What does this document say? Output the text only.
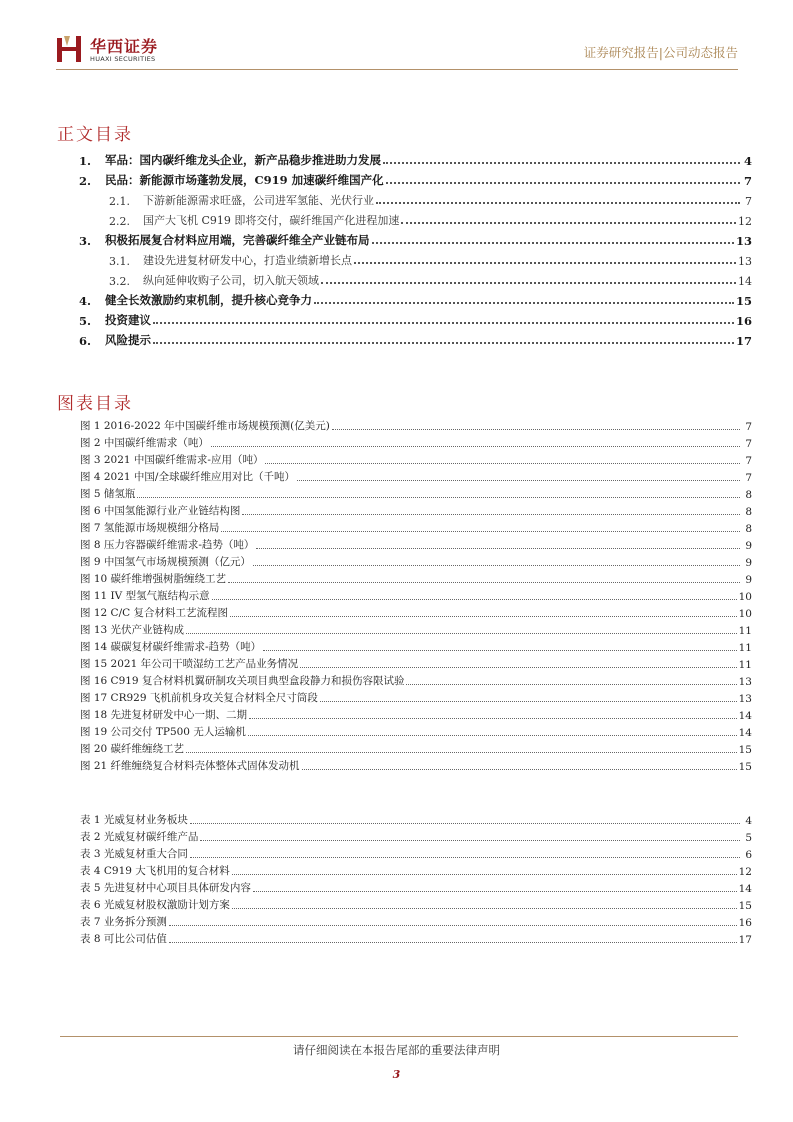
华西证券
HUAXI SECURITIES	证券研究报告|公司动态报告
正文目录
1.	军品：国内碳纤维龙头企业，新产品稳步推进助力发展	4
2.	民品：新能源市场蓬勃发展，C919 加速碳纤维国产化	7
2.1.	下游新能源需求旺盛，公司进军氢能、光伏行业	7
2.2.	国产大飞机 C919 即将交付，碳纤维国产化进程加速	12
3.	积极拓展复合材料应用端，完善碳纤维全产业链布局	13
3.1.	建设先进复材研发中心，打造业绩新增长点	13
3.2.	纵向延伸收购子公司，切入航天领域	14
4.	健全长效激励约束机制，提升核心竞争力	15
5.	投资建议	16
6.	风险提示	17
图表目录
图 1 2016-2022 年中国碳纤维市场规模预测(亿美元)	7
图 2 中国碳纤维需求（吨）	7
图 3 2021 中国碳纤维需求-应用（吨）	7
图 4 2021 中国/全球碳纤维应用对比（千吨）	7
图 5 储氢瓶	8
图 6 中国氢能源行业产业链结构图	8
图 7 氢能源市场规模细分格局	8
图 8 压力容器碳纤维需求-趋势（吨）	9
图 9 中国氢气市场规模预测（亿元）	9
图 10 碳纤维增强树脂缠绕工艺	9
图 11 IV 型氢气瓶结构示意	10
图 12 C/C 复合材料工艺流程图	10
图 13 光伏产业链构成	11
图 14 碳碳复材碳纤维需求-趋势（吨）	11
图 15 2021 年公司干喷湿纺工艺产品业务情况	11
图 16 C919 复合材料机翼研制攻关项目典型盒段静力和损伤容限试验	13
图 17 CR929 飞机前机身攻关复合材料全尺寸筒段	13
图 18 先进复材研发中心一期、二期	14
图 19 公司交付 TP500 无人运输机	14
图 20 碳纤维缠绕工艺	15
图 21 纤维缠绕复合材料壳体整体式固体发动机	15
表 1 光威复材业务板块	4
表 2 光威复材碳纤维产品	5
表 3 光威复材重大合同	6
表 4 C919 大飞机用的复合材料	12
表 5 先进复材中心项目具体研发内容	14
表 6 光威复材股权激励计划方案	15
表 7 业务拆分预测	16
表 8 可比公司估值	17
请仔细阅读在本报告尾部的重要法律声明
3
